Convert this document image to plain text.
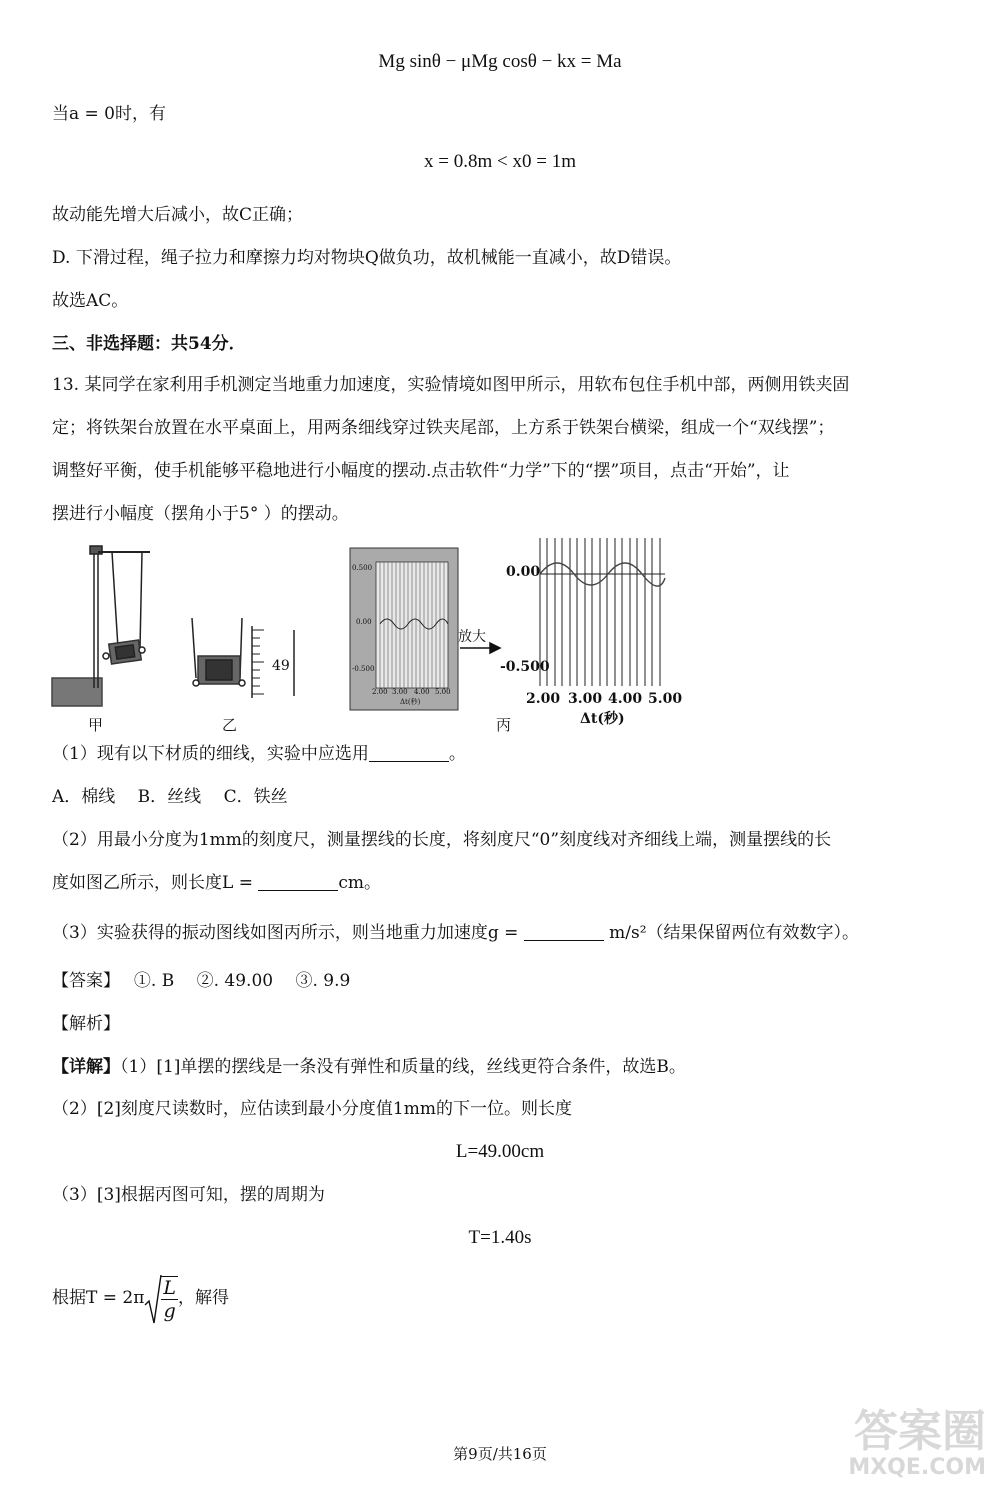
Mg sinθ − μMg cosθ − kx = Ma
当a = 0时，有
x = 0.8m < x0 = 1m
故动能先增大后减小，故C正确；
D. 下滑过程，绳子拉力和摩擦力均对物块Q做负功，故机械能一直减小，故D错误。
故选AC。
三、非选择题：共54分．
13. 某同学在家利用手机测定当地重力加速度，实验情境如图甲所示，用软布包住手机中部，两侧用铁夹固
定；将铁架台放置在水平桌面上，用两条细线穿过铁夹尾部，上方系于铁架台横梁，组成一个“双线摆”；
调整好平衡，使手机能够平稳地进行小幅度的摆动.点击软件“力学”下的“摆”项目，点击“开始”，让
摆进行小幅度（摆角小于5° ）的摆动。
甲	乙	丙
49
放大
0.500
0.00
-0.500
2.00 3.00 4.00 5.00
Δt(秒)
0.00
-0.500
2.00 3.00 4.00 5.00
Δt(秒)
（1）现有以下材质的细线，实验中应选用	。
A．棉线　 B．丝线　 C．铁丝
（2）用最小分度为1mm的刻度尺，测量摆线的长度，将刻度尺“0”刻度线对齐细线上端，测量摆线的长
度如图乙所示，则长度L =	cm。
（3）实验获得的振动图线如图丙所示，则当地重力加速度g =	m/s²（结果保留两位有效数字）。
【答案】　 ①. B　 ②. 49.00　 ③. 9.9
【解析】
【详解】（1）[1]单摆的摆线是一条没有弹性和质量的线，丝线更符合条件，故选B。
（2）[2]刻度尺读数时，应估读到最小分度值1mm的下一位。则长度
L=49.00cm
（3）[3]根据丙图可知，摆的周期为
T=1.40s
根据$T = 2\pi \frac{L}{g}$ ，解得
第9页/共16页	答案圈
MXQE.COM
